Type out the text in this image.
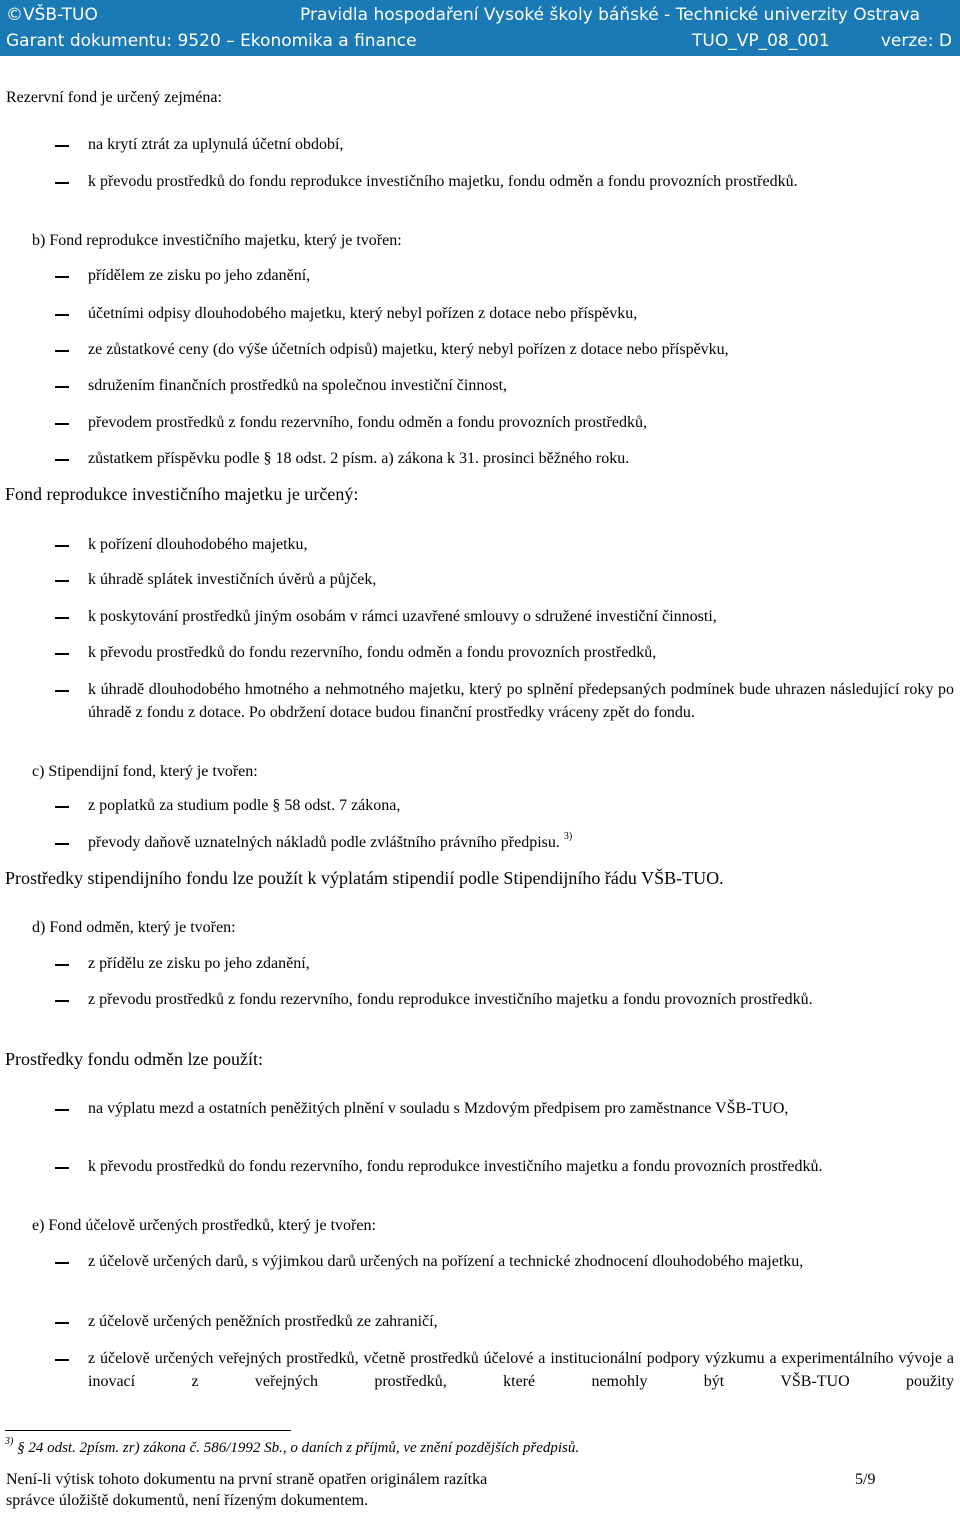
©VŠB-TUO	Pravidla hospodaření Vysoké školy báňské - Technické univerzity Ostrava
Garant dokumentu: 9520 – Ekonomika a finance	TUO_VP_08_001	verze: D
Rezervní fond je určený zejména:
na krytí ztrát za uplynulá účetní období,
k převodu prostředků do fondu reprodukce investičního majetku, fondu odměn a fondu provozních prostředků.
b) Fond reprodukce investičního majetku, který je tvořen:
přídělem ze zisku po jeho zdanění,
účetními odpisy dlouhodobého majetku, který nebyl pořízen z dotace nebo příspěvku,
ze zůstatkové ceny (do výše účetních odpisů) majetku, který nebyl pořízen z dotace nebo příspěvku,
sdružením finančních prostředků na společnou investiční činnost,
převodem prostředků z fondu rezervního, fondu odměn a fondu provozních prostředků,
zůstatkem příspěvku podle § 18 odst. 2 písm. a) zákona k 31. prosinci běžného roku.
Fond reprodukce investičního majetku je určený:
k pořízení dlouhodobého majetku,
k úhradě splátek investičních úvěrů a půjček,
k poskytování prostředků jiným osobám v rámci uzavřené smlouvy o sdružené investiční činnosti,
k převodu prostředků do fondu rezervního, fondu odměn a fondu provozních prostředků,
k úhradě dlouhodobého hmotného a nehmotného majetku, který po splnění předepsaných podmínek bude uhrazen následující roky po úhradě z fondu z dotace. Po obdržení dotace budou finanční prostředky vráceny zpět do fondu.
c) Stipendijní fond, který je tvořen:
z poplatků za studium podle § 58 odst. 7 zákona,
převody daňově uznatelných nákladů podle zvláštního právního předpisu. $^{3)}$
Prostředky stipendijního fondu lze použít k výplatám stipendií podle Stipendijního řádu VŠB-TUO.
d) Fond odměn, který je tvořen:
z přídělu ze zisku po jeho zdanění,
z převodu prostředků z fondu rezervního, fondu reprodukce investičního majetku a fondu provozních prostředků.
Prostředky fondu odměn lze použít:
na výplatu mezd a ostatních peněžitých plnění v souladu s Mzdovým předpisem pro zaměstnance VŠB-TUO,
k převodu prostředků do fondu rezervního, fondu reprodukce investičního majetku a fondu provozních prostředků.
e) Fond účelově určených prostředků, který je tvořen:
z účelově určených darů, s výjimkou darů určených na pořízení a technické zhodnocení dlouhodobého majetku,
z účelově určených peněžních prostředků ze zahraničí,
z účelově určených veřejných prostředků, včetně prostředků účelové a institucionální podpory výzkumu a experimentálního vývoje a inovací z veřejných prostředků, které nemohly být VŠB-TUO použity
$^{3)}$ § 24 odst. 2písm. zr) zákona č. 586/1992 Sb., o daních z příjmů, ve znění pozdějších předpisů.
Není-li výtisk tohoto dokumentu na první straně opatřen originálem razítka
správce úložiště dokumentů, není řízeným dokumentem.
5/9
